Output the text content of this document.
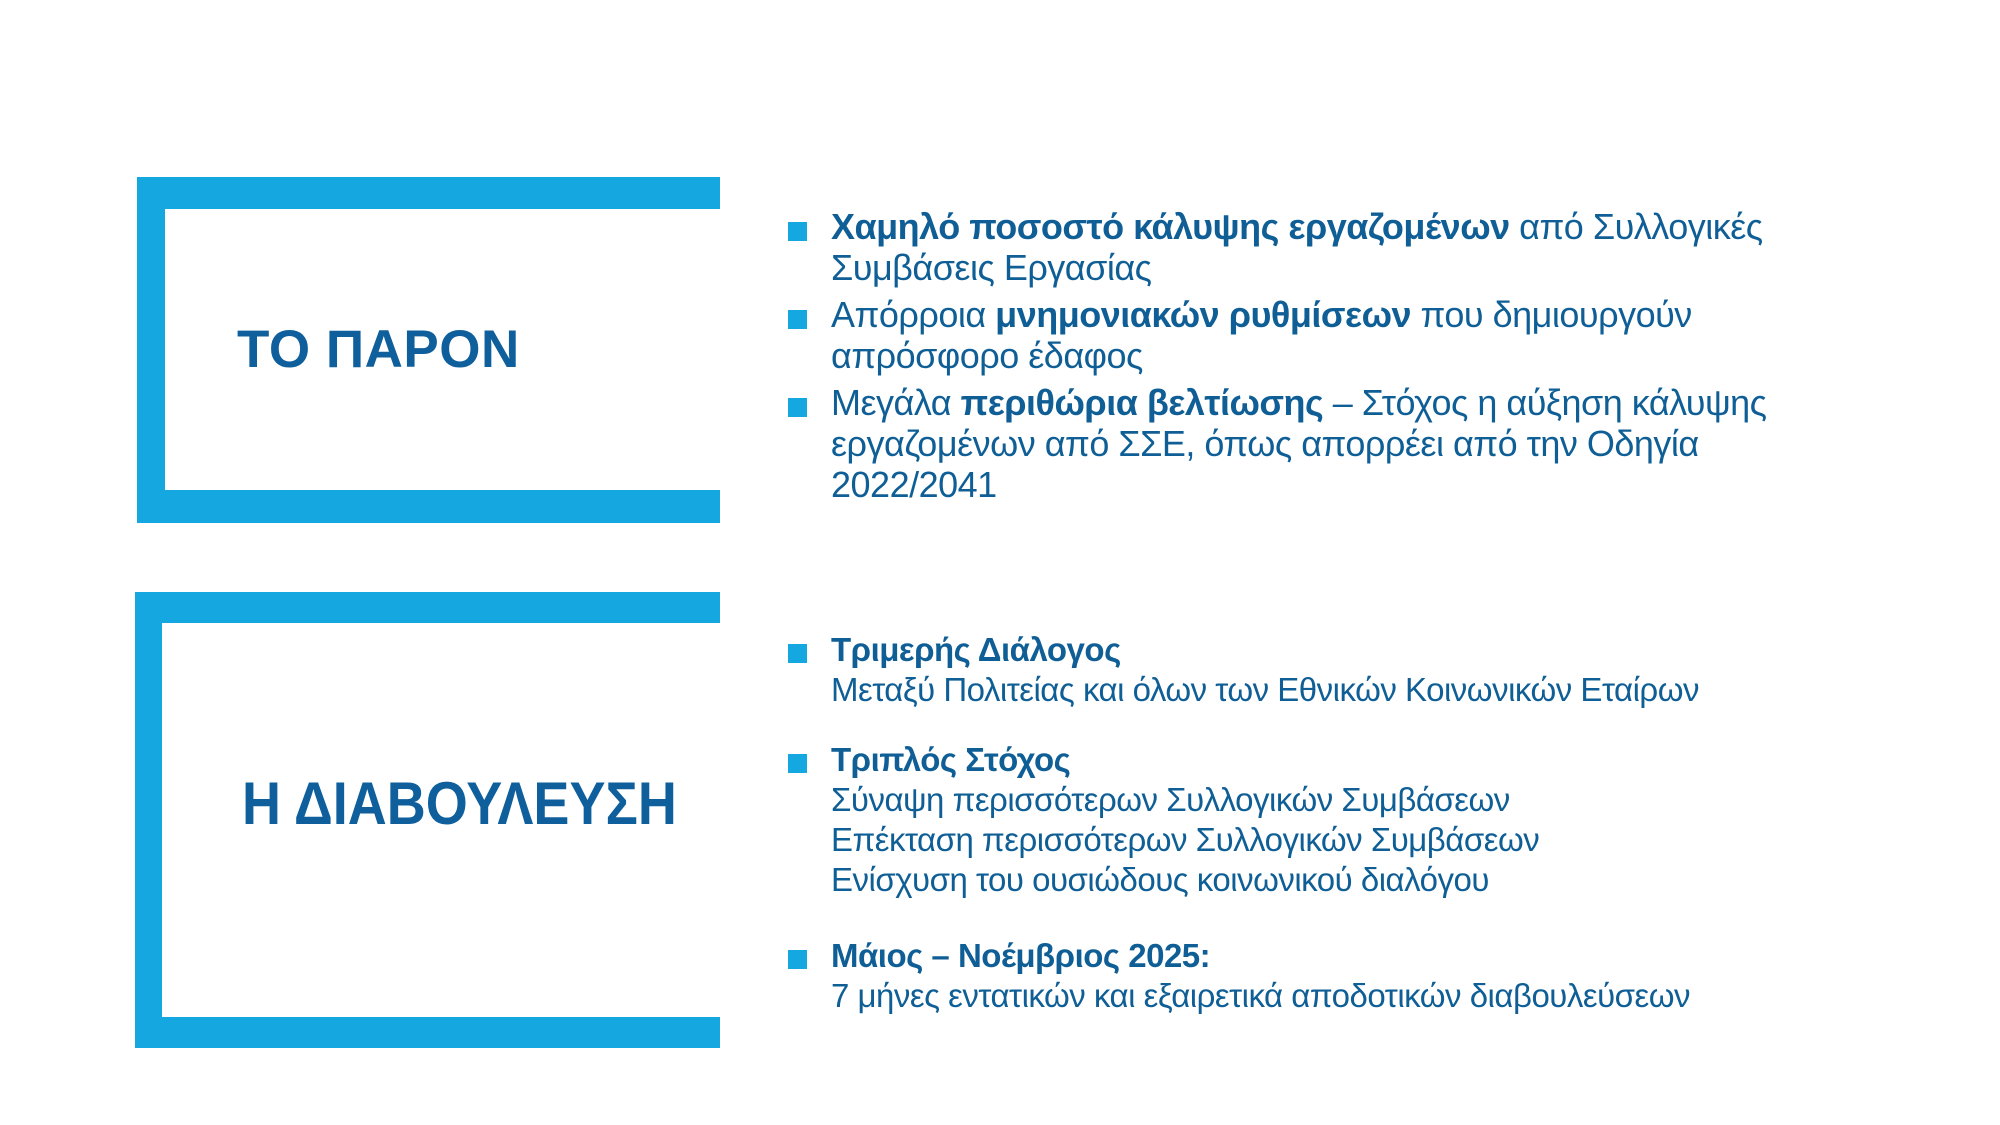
ΤΟ ΠΑΡΟΝ
Η ΔΙΑΒΟΥΛΕΥΣΗ
Χαμηλό ποσοστό κάλυψης εργαζομένων από Συλλογικές
Συμβάσεις Εργασίας
Απόρροια μνημονιακών ρυθμίσεων που δημιουργούν
απρόσφορο έδαφος
Μεγάλα περιθώρια βελτίωσης – Στόχος η αύξηση κάλυψης
εργαζομένων από ΣΣΕ, όπως απορρέει από την Οδηγία
2022/2041
Τριμερής Διάλογος
Μεταξύ Πολιτείας και όλων των Εθνικών Κοινωνικών Εταίρων
Τριπλός Στόχος
Σύναψη περισσότερων Συλλογικών Συμβάσεων
Επέκταση περισσότερων Συλλογικών Συμβάσεων
Ενίσχυση του ουσιώδους κοινωνικού διαλόγου
Μάιος – Νοέμβριος 2025:
7 μήνες εντατικών και εξαιρετικά αποδοτικών διαβουλεύσεων
